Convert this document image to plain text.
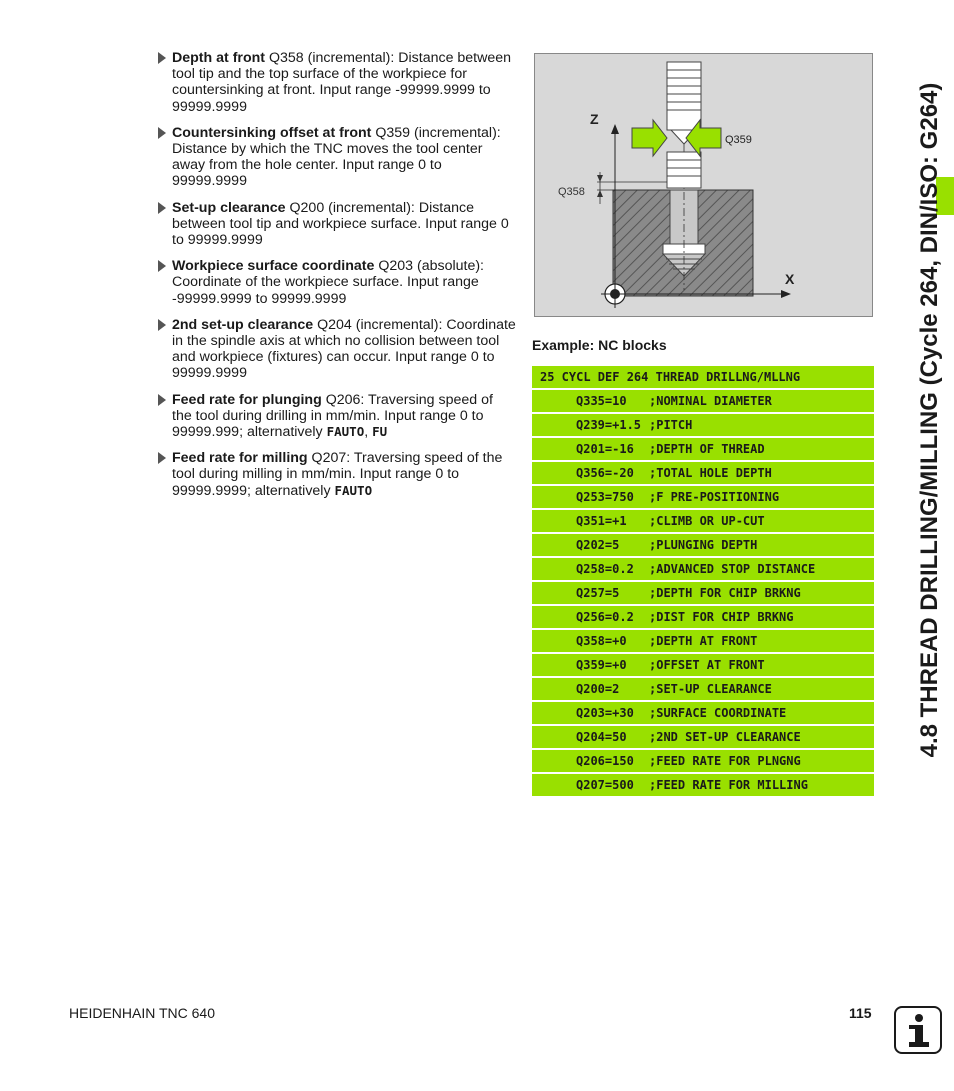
Depth at front Q358 (incremental): Distance between tool tip and the top surface of the workpiece for countersinking at front. Input range -99999.9999 to 99999.9999
Countersinking offset at front Q359 (incremental): Distance by which the TNC moves the tool center away from the hole center. Input range 0 to 99999.9999
Set-up clearance Q200 (incremental): Distance between tool tip and workpiece surface. Input range 0 to 99999.9999
Workpiece surface coordinate Q203 (absolute): Coordinate of the workpiece surface. Input range -99999.9999 to 99999.9999
2nd set-up clearance Q204 (incremental): Coordinate in the spindle axis at which no collision between tool and workpiece (fixtures) can occur. Input range 0 to 99999.9999
Feed rate for plunging Q206: Traversing speed of the tool during drilling in mm/min. Input range 0 to 99999.999; alternatively FAUTO, FU
Feed rate for milling Q207: Traversing speed of the tool during milling in mm/min. Input range 0 to 99999.9999; alternatively FAUTO
Q358
Q359
Z
X
Example: NC blocks
25 CYCL DEF 264 THREAD DRILLNG/MLLNG
Q335=10 ;NOMINAL DIAMETER
Q239=+1.5 ;PITCH
Q201=-16 ;DEPTH OF THREAD
Q356=-20 ;TOTAL HOLE DEPTH
Q253=750 ;F PRE-POSITIONING
Q351=+1 ;CLIMB OR UP-CUT
Q202=5 ;PLUNGING DEPTH
Q258=0.2 ;ADVANCED STOP DISTANCE
Q257=5 ;DEPTH FOR CHIP BRKNG
Q256=0.2 ;DIST FOR CHIP BRKNG
Q358=+0 ;DEPTH AT FRONT
Q359=+0 ;OFFSET AT FRONT
Q200=2 ;SET-UP CLEARANCE
Q203=+30 ;SURFACE COORDINATE
Q204=50 ;2ND SET-UP CLEARANCE
Q206=150 ;FEED RATE FOR PLNGNG
Q207=500 ;FEED RATE FOR MILLING
4.8 THREAD DRILLING/MILLING (Cycle 264, DIN/ISO: G264)
HEIDENHAIN TNC 640	115
